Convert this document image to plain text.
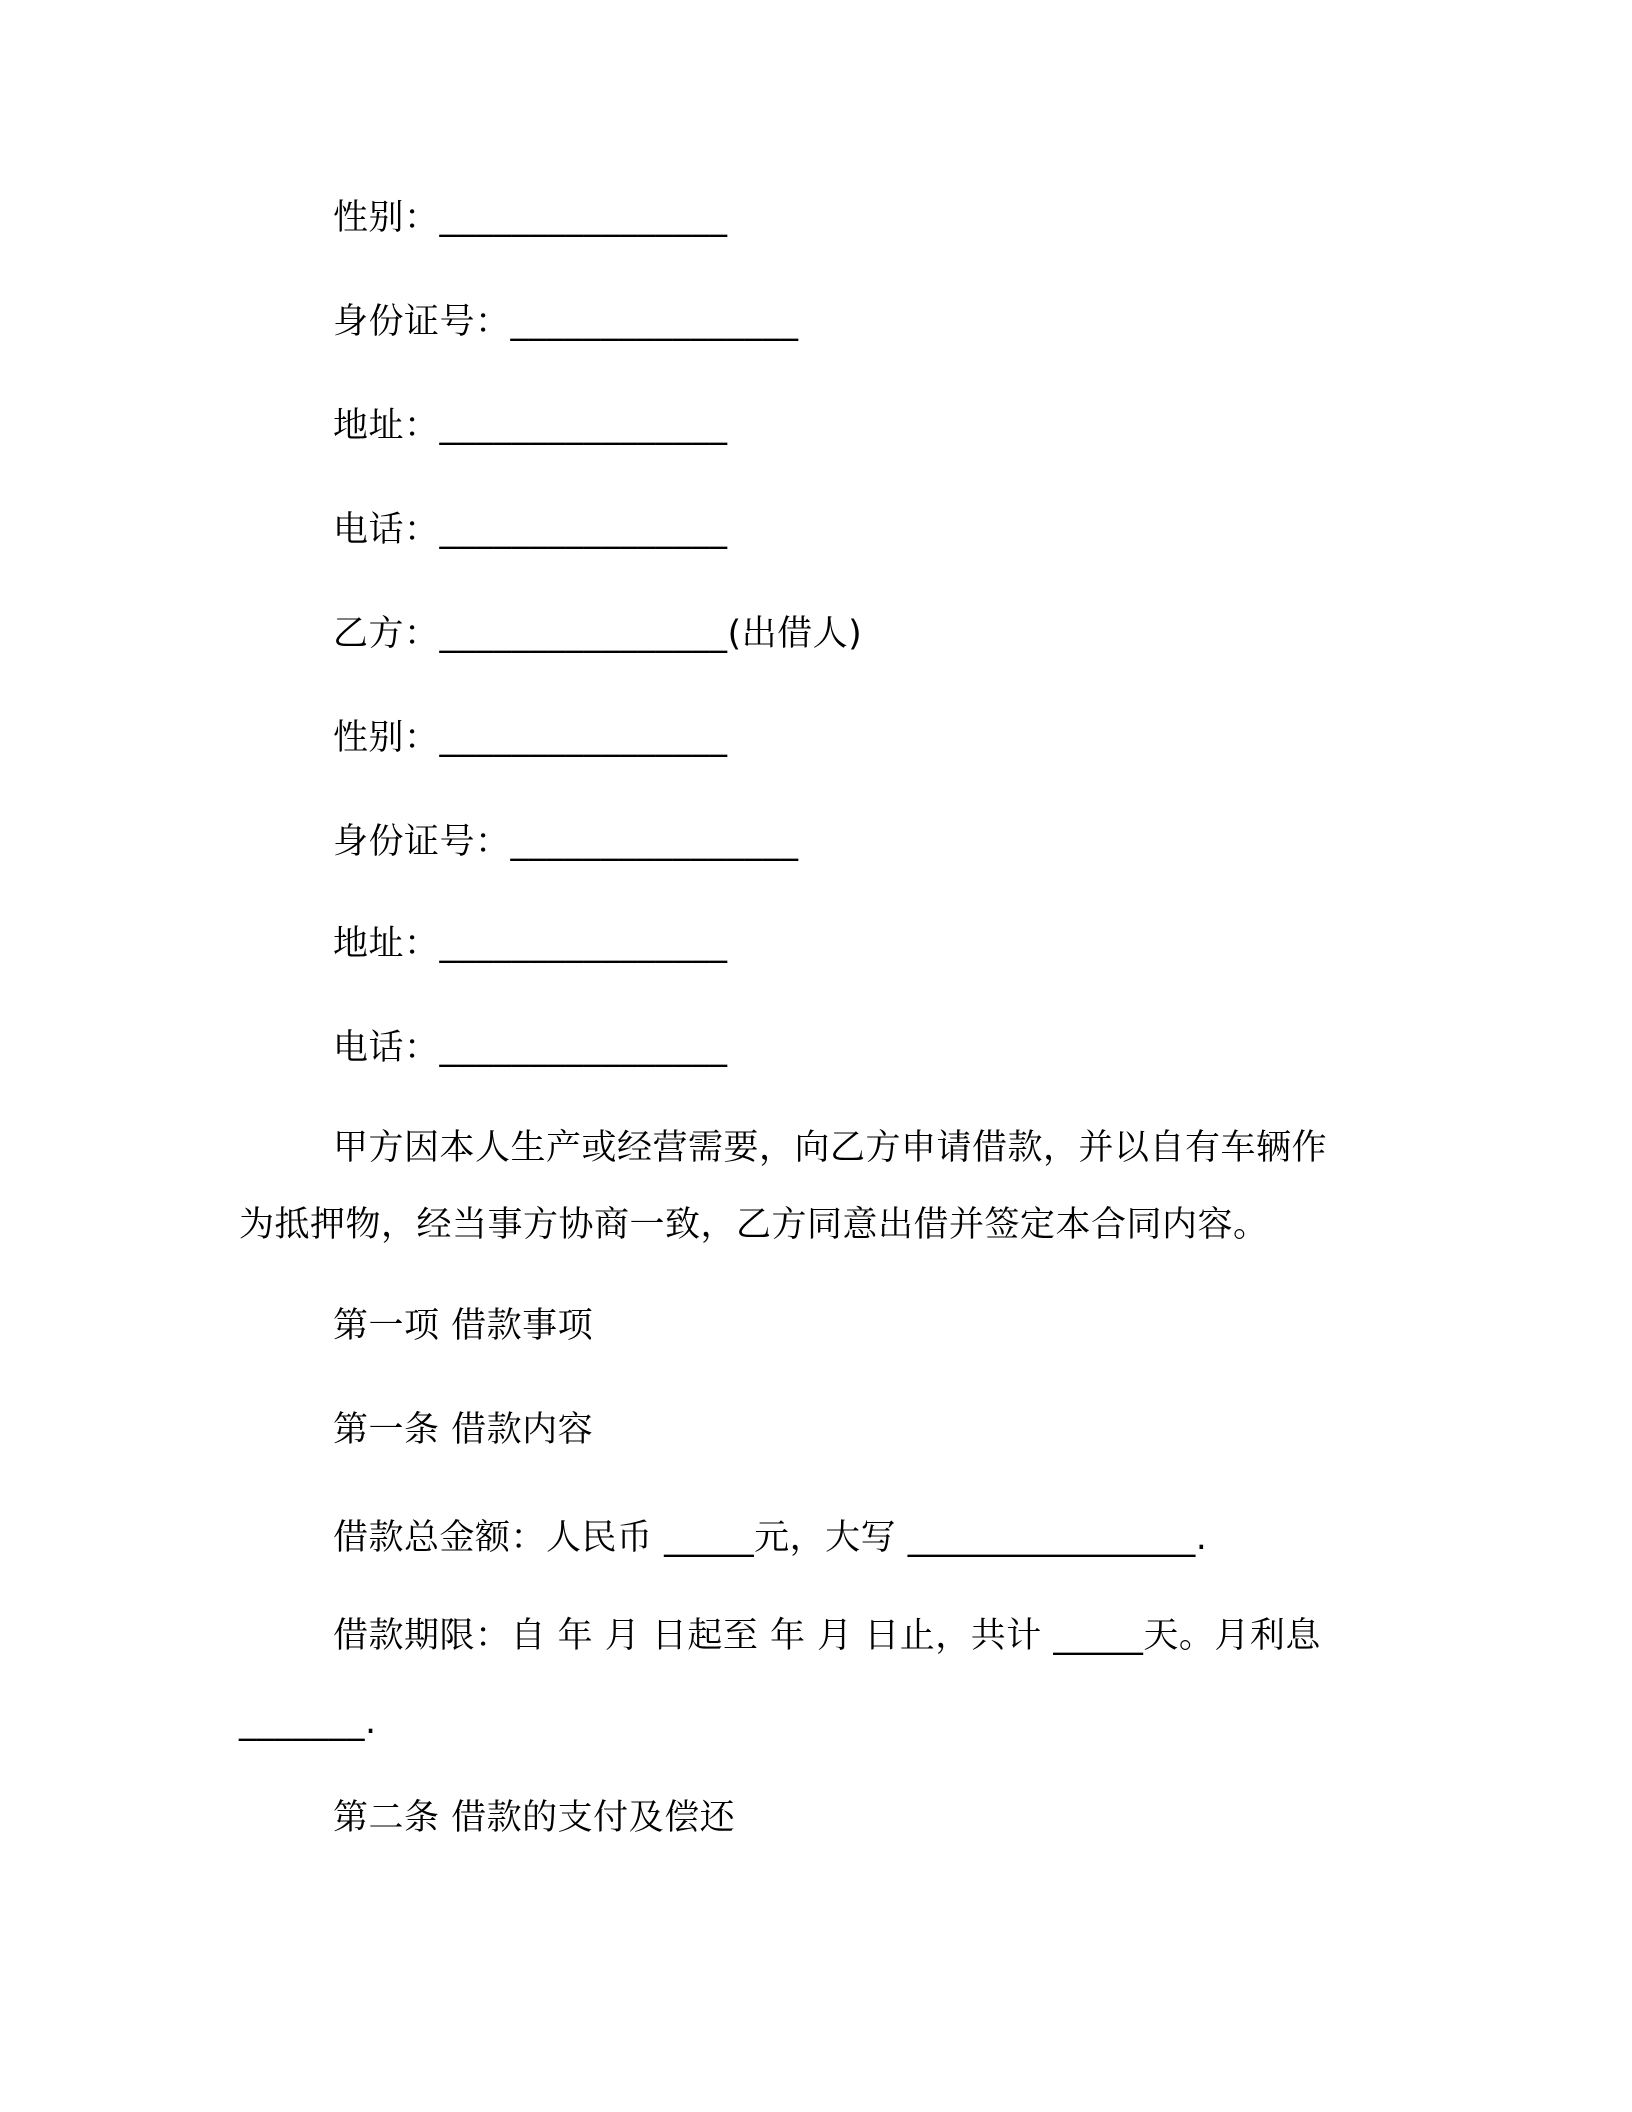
性别：________________
身份证号：________________
地址：________________
电话：________________
乙方：________________(出借人)
性别：________________
身份证号：________________
地址：________________
电话：________________
甲方因本人生产或经营需要，向乙方申请借款，并以自有车辆作
为抵押物，经当事方协商一致，乙方同意出借并签定本合同内容。
第一项 借款事项
第一条 借款内容
借款总金额：人民币 _____元，大写 ________________.
借款期限：自 年 月 日起至 年 月 日止，共计 _____天。月利息
_______.
第二条 借款的支付及偿还
